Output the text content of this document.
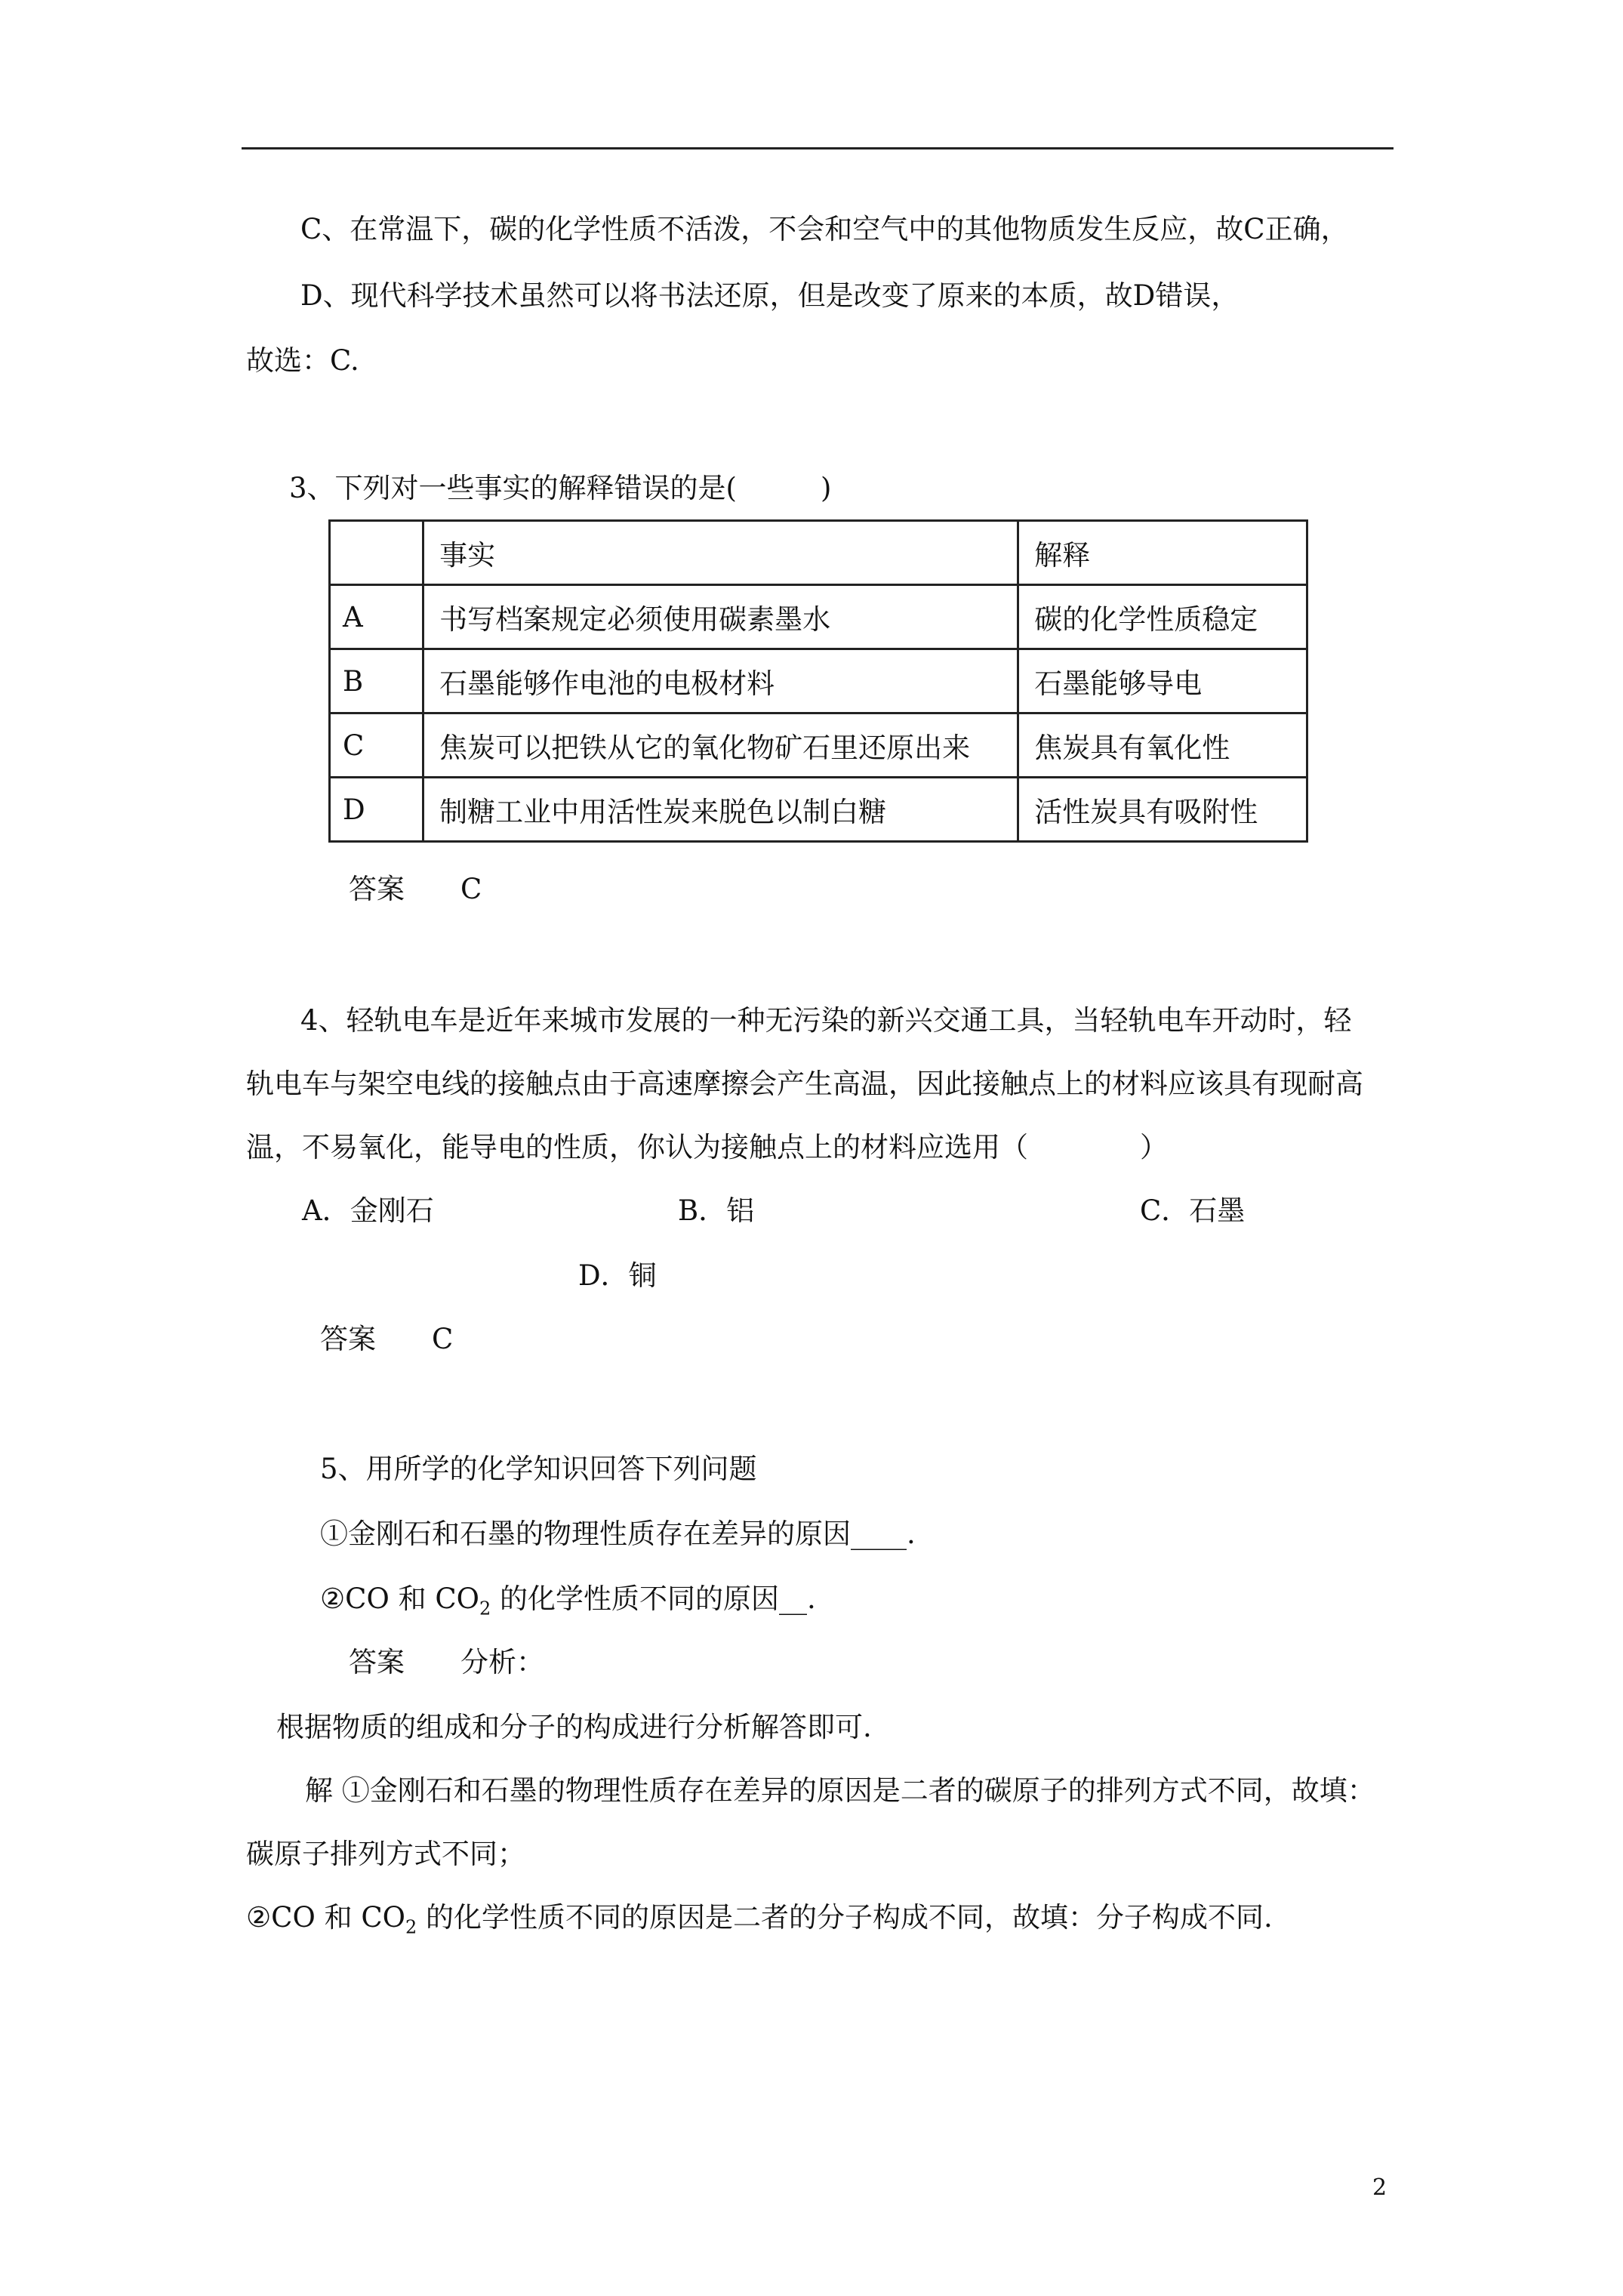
C、在常温下，碳的化学性质不活泼，不会和空气中的其他物质发生反应，故C正确，
D、现代科学技术虽然可以将书法还原，但是改变了原来的本质，故D错误，
故选：C.
3、下列对一些事实的解释错误的是(　　　)
	事实	解释
A	书写档案规定必须使用碳素墨水	碳的化学性质稳定
B	石墨能够作电池的电极材料	石墨能够导电
C	焦炭可以把铁从它的氧化物矿石里还原出来	焦炭具有氧化性
D	制糖工业中用活性炭来脱色以制白糖	活性炭具有吸附性
答案　　C
4、轻轨电车是近年来城市发展的一种无污染的新兴交通工具，当轻轨电车开动时，轻
轨电车与架空电线的接触点由于高速摩擦会产生高温，因此接触点上的材料应该具有现耐高
温，不易氧化，能导电的性质，你认为接触点上的材料应选用（　　　　）
A．金刚石	B．铝	C．石墨
D．铜
答案　　C
5、用所学的化学知识回答下列问题
①金刚石和石墨的物理性质存在差异的原因____.
②CO 和 $CO_2$ 的化学性质不同的原因__.
答案　　分析：
根据物质的组成和分子的构成进行分析解答即可.
解 ①金刚石和石墨的物理性质存在差异的原因是二者的碳原子的排列方式不同，故填：
碳原子排列方式不同；
②CO 和 $CO_2$ 的化学性质不同的原因是二者的分子构成不同，故填：分子构成不同.
2
